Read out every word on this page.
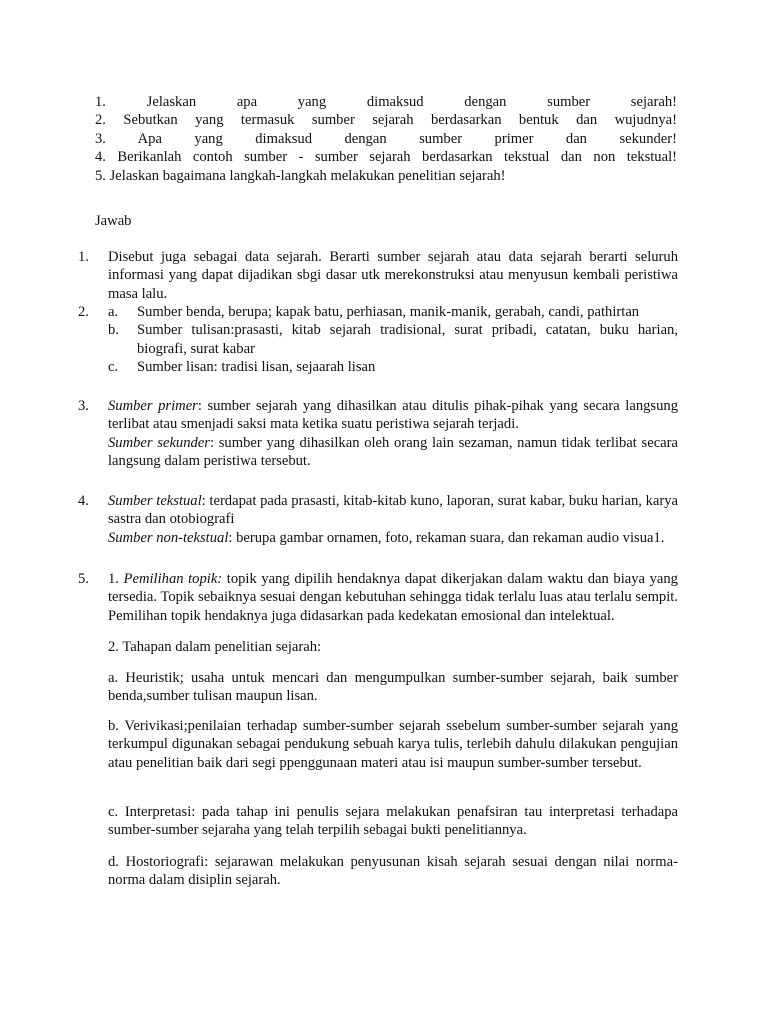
1.	Jelaskan apa yang dimaksud dengan sumber sejarah!
2. Sebutkan yang termasuk sumber sejarah berdasarkan bentuk dan wujudnya!
3. Apa yang dimaksud dengan sumber primer dan sekunder!
4. Berikanlah contoh sumber - sumber sejarah berdasarkan tekstual dan non tekstual!
5. Jelaskan bagaimana langkah-langkah melakukan penelitian sejarah!
Jawab
1. Disebut juga sebagai data sejarah. Berarti sumber sejarah atau data sejarah berarti seluruh informasi yang dapat dijadikan sbgi dasar utk merekonstruksi atau menyusun kembali peristiwa masa lalu.
2. a. Sumber benda, berupa; kapak batu, perhiasan, manik-manik, gerabah, candi, pathirtan
b. Sumber tulisan:prasasti, kitab sejarah tradisional, surat pribadi, catatan, buku harian, biografi, surat kabar
c. Sumber lisan: tradisi lisan, sejaarah lisan
3. Sumber primer: sumber sejarah yang dihasilkan atau ditulis pihak-pihak yang secara langsung terlibat atau smenjadi saksi mata ketika suatu peristiwa sejarah terjadi.
Sumber sekunder: sumber yang dihasilkan oleh orang lain sezaman, namun tidak terlibat secara langsung dalam peristiwa tersebut.
4. Sumber tekstual: terdapat pada prasasti, kitab-kitab kuno, laporan, surat kabar, buku harian, karya sastra dan otobiografi
Sumber non-tekstual: berupa gambar ornamen, foto, rekaman suara, dan rekaman audio visua1.
5. 1. Pemilihan topik: topik yang dipilih hendaknya dapat dikerjakan dalam waktu dan biaya yang tersedia. Topik sebaiknya sesuai dengan kebutuhan sehingga tidak terlalu luas atau terlalu sempit. Pemilihan topik hendaknya juga didasarkan pada kedekatan emosional dan intelektual.
2. Tahapan dalam penelitian sejarah:
a. Heuristik; usaha untuk mencari dan mengumpulkan sumber-sumber sejarah, baik sumber benda,sumber tulisan maupun lisan.
b. Verivikasi;penilaian terhadap sumber-sumber sejarah ssebelum sumber-sumber sejarah yang terkumpul digunakan sebagai pendukung sebuah karya tulis, terlebih dahulu dilakukan pengujian atau penelitian baik dari segi ppenggunaan materi atau isi maupun sumber-sumber tersebut.
c. Interpretasi: pada tahap ini penulis sejara melakukan penafsiran tau interpretasi terhadapa sumber-sumber sejaraha yang telah terpilih sebagai bukti penelitiannya.
d. Hostoriografi: sejarawan melakukan penyusunan kisah sejarah sesuai dengan nilai norma-norma dalam disiplin sejarah.
